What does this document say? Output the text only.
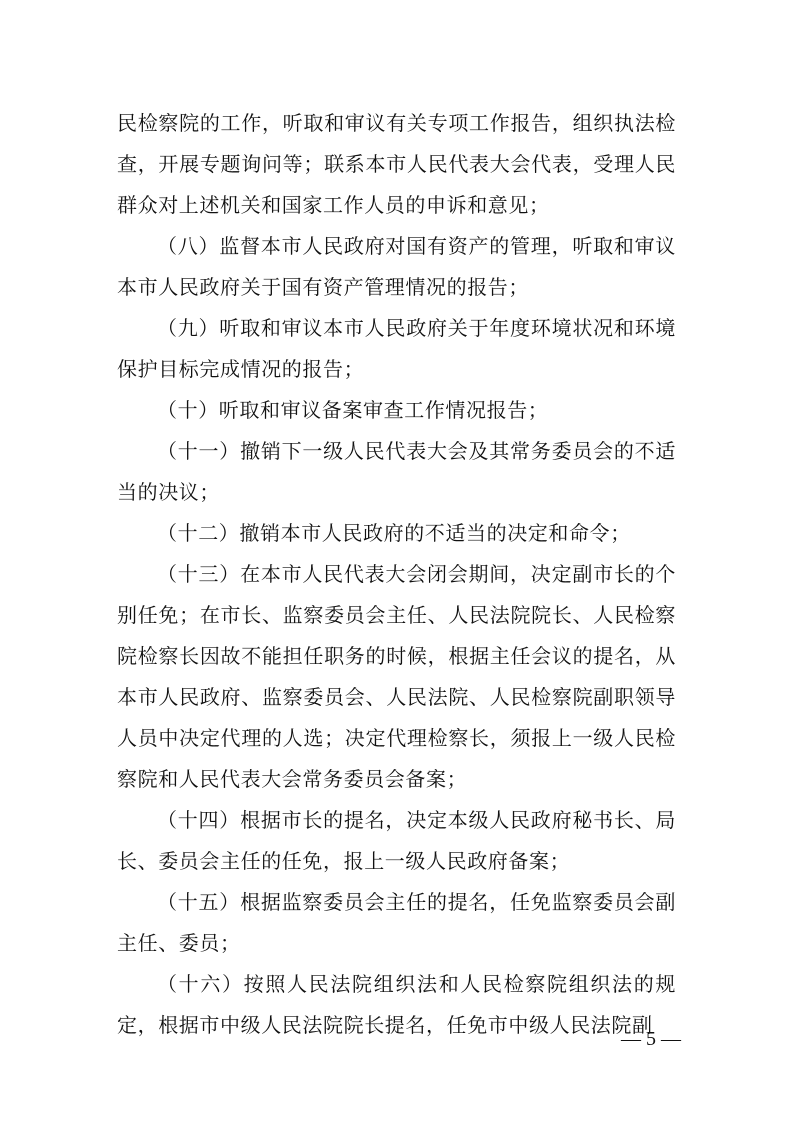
民检察院的工作，听取和审议有关专项工作报告，组织执法检查，开展专题询问等；联系本市人民代表大会代表，受理人民群众对上述机关和国家工作人员的申诉和意见；

（八）监督本市人民政府对国有资产的管理，听取和审议本市人民政府关于国有资产管理情况的报告；

（九）听取和审议本市人民政府关于年度环境状况和环境保护目标完成情况的报告；

（十）听取和审议备案审查工作情况报告；

（十一）撤销下一级人民代表大会及其常务委员会的不适当的决议；

（十二）撤销本市人民政府的不适当的决定和命令；

（十三）在本市人民代表大会闭会期间，决定副市长的个别任免；在市长、监察委员会主任、人民法院院长、人民检察院检察长因故不能担任职务的时候，根据主任会议的提名，从本市人民政府、监察委员会、人民法院、人民检察院副职领导人员中决定代理的人选；决定代理检察长，须报上一级人民检察院和人民代表大会常务委员会备案；

（十四）根据市长的提名，决定本级人民政府秘书长、局长、委员会主任的任免，报上一级人民政府备案；

（十五）根据监察委员会主任的提名，任免监察委员会副主任、委员；

（十六）按照人民法院组织法和人民检察院组织法的规定，根据市中级人民法院院长提名，任免市中级人民法院副

— 5 —
